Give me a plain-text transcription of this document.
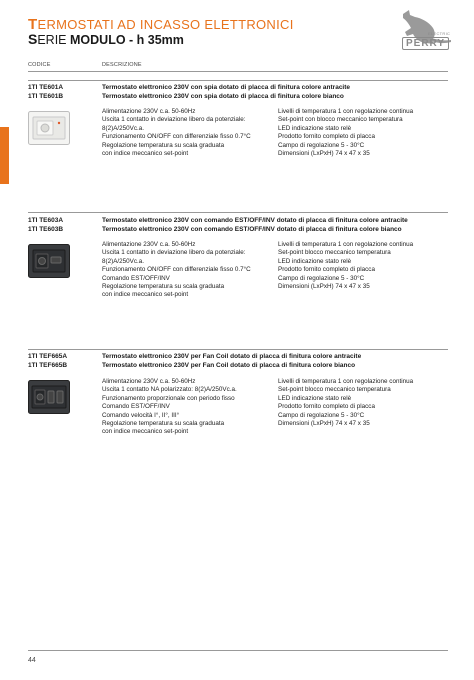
TERMOSTATI AD INCASSO ELETTRONICI
SERIE MODULO - h 35mm	ELECTRIC
PERRY
CODICE	DESCRIZIONE
1TI TE601A
1TI TE601B
Termostato elettronico 230V con spia dotato di placca di finitura colore antracite
Termostato elettronico 230V con spia dotato di placca di finitura colore bianco
Alimentazione 230V c.a. 50-60Hz
Uscita 1 contatto in deviazione libero da potenziale:
8(2)A/250Vc.a.
Funzionamento ON/OFF con differenziale fisso 0.7°C
Regolazione temperatura su scala graduata
con indice meccanico set-point
Livelli di temperatura 1 con regolazione continua
Set-point con blocco meccanico temperatura
LED indicazione stato relè
Prodotto fornito completo di placca
Campo di regolazione 5 - 30°C
Dimensioni (LxPxH) 74 x 47 x 35
1TI TE603A
1TI TE603B
Termostato elettronico 230V con comando EST/OFF/INV dotato di placca di finitura colore antracite
Termostato elettronico 230V con comando EST/OFF/INV dotato di placca di finitura colore bianco
Alimentazione 230V c.a. 50-60Hz
Uscita 1 contatto in deviazione libero da potenziale:
8(2)A/250Vc.a.
Funzionamento ON/OFF con differenziale fisso 0.7°C
Comando EST/OFF/INV
Regolazione temperatura su scala graduata
con indice meccanico set-point
Livelli di temperatura 1 con regolazione continua
Set-point blocco meccanico temperatura
LED indicazione stato relè
Prodotto fornito completo di placca
Campo di regolazione 5 - 30°C
Dimensioni (LxPxH) 74 x 47 x 35
1TI TEF665A
1TI TEF665B
Termostato elettronico 230V per Fan Coil dotato di placca di finitura colore antracite
Termostato elettronico 230V per Fan Coil dotato di placca di finitura colore bianco
Alimentazione 230V c.a. 50-60Hz
Uscita 1 contatto NA polarizzato: 8(2)A/250Vc.a.
Funzionamento proporzionale con periodo fisso
Comando EST/OFF/INV
Comando velocità I°, II°, III°
Regolazione temperatura su scala graduata
con indice meccanico set-point
Livelli di temperatura 1 con regolazione continua
Set-point blocco meccanico temperatura
LED indicazione stato relè
Prodotto fornito completo di placca
Campo di regolazione 5 - 30°C
Dimensioni (LxPxH) 74 x 47 x 35
44
